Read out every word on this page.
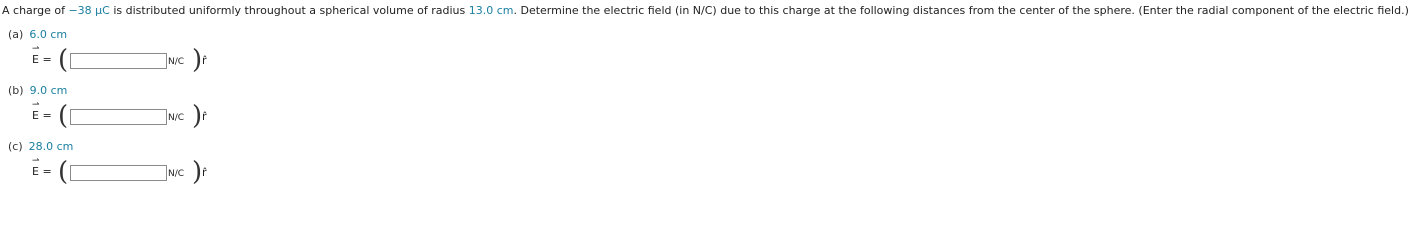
A charge of −38 μC is distributed uniformly throughout a spherical volume of radius 13.0 cm. Determine the electric field (in N/C) due to this charge at the following distances from the center of the sphere. (Enter the radial component of the electric field.)
(a) 6.0 cm
⇀
E = (	N/C ) r̂
(b) 9.0 cm
⇀
E = (	N/C ) r̂
(c) 28.0 cm
⇀
E = (	N/C ) r̂
